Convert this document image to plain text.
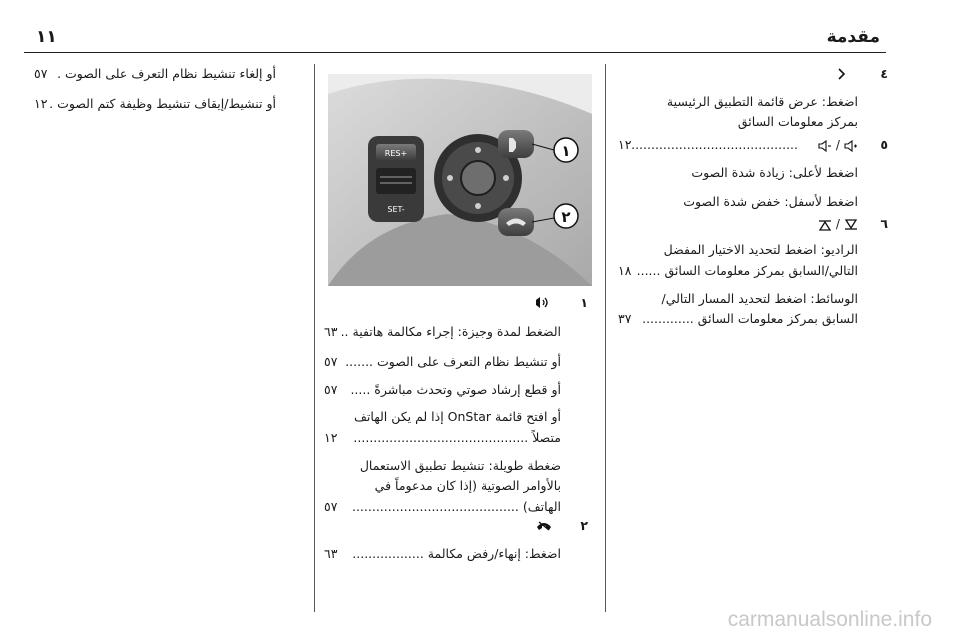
١١	مقدمة
أو إلغاء تنشيط نظام التعرف على الصوت .
٥٧
أو تنشيط/إيقاف تنشيط وظيفة كتم الصوت .
١٢
RES+
SET-
١
٢
١
الضغط لمدة وجيزة: إجراء مكالمة هاتفية ..
٦٣
أو تنشيط نظام التعرف على الصوت .......
٥٧
أو قطع إرشاد صوتي وتحدث مباشرةً .....
٥٧
أو افتح قائمة OnStar إذا لم يكن الهاتف
متصلاً ............................................
١٢
ضغطة طويلة: تنشيط تطبيق الاستعمال
بالأوامر الصوتية (إذا كان مدعوماً في
الهاتف) ..........................................
٥٧
٢
اضغط: إنهاء/رفض مكالمة ..................
٦٣
٤
اضغط: عرض قائمة التطبيق الرئيسية
بمركز معلومات السائق
٥
/
..........................................
١٢
اضغط لأعلى: زيادة شدة الصوت
اضغط لأسفل: خفض شدة الصوت
٦
/
الراديو: اضغط لتحديد الاختيار المفضل
التالي/السابق بمركز معلومات السائق ......
١٨
الوسائط: اضغط لتحديد المسار التالي/
السابق بمركز معلومات السائق .............
٣٧
carmanualsonline.info
